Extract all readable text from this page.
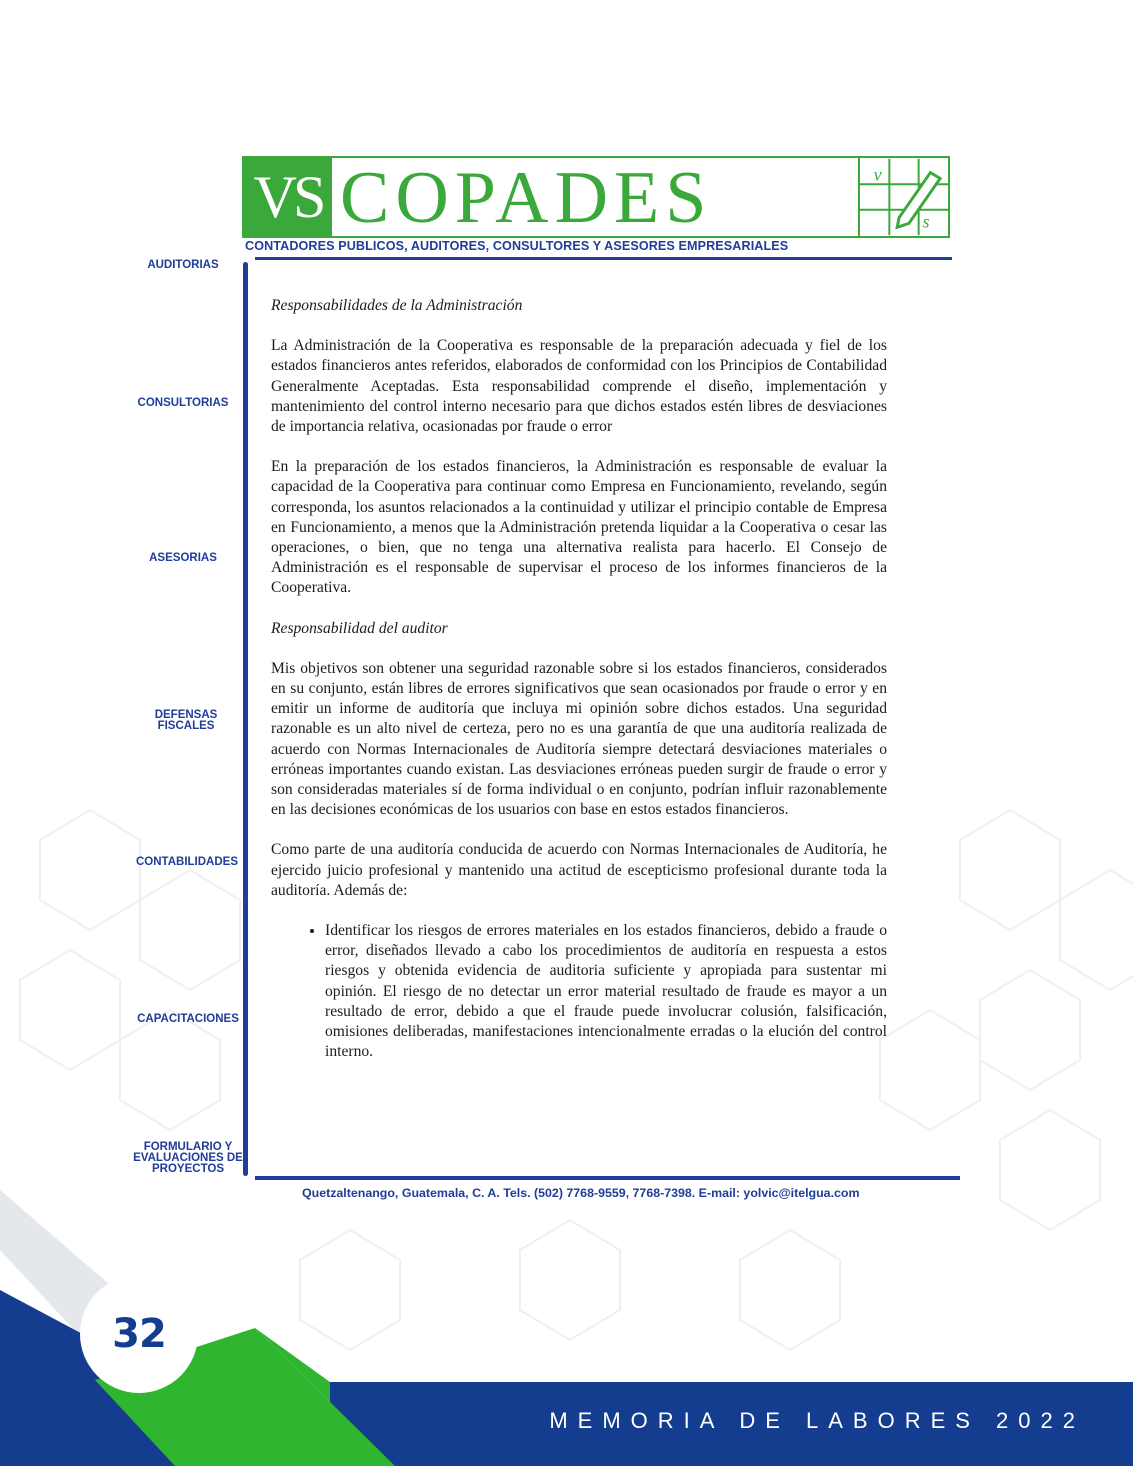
VS COPADES	v
s
CONTADORES PUBLICOS, AUDITORES, CONSULTORES Y ASESORES EMPRESARIALES
AUDITORIAS
CONSULTORIAS
ASESORIAS
DEFENSAS FISCALES
CONTABILIDADES
CAPACITACIONES
FORMULARIO Y EVALUACIONES DE PROYECTOS

Responsabilidades de la Administración

La Administración de la Cooperativa es responsable de la preparación adecuada y fiel de los estados financieros antes referidos, elaborados de conformidad con los Principios de Contabilidad Generalmente Aceptadas. Esta responsabilidad comprende el diseño, implementación y mantenimiento del control interno necesario para que dichos estados estén libres de desviaciones de importancia relativa, ocasionadas por fraude o error

En la preparación de los estados financieros, la Administración es responsable de evaluar la capacidad de la Cooperativa para continuar como Empresa en Funcionamiento, revelando, según corresponda, los asuntos relacionados a la continuidad y utilizar el principio contable de Empresa en Funcionamiento, a menos que la Administración pretenda liquidar a la Cooperativa o cesar las operaciones, o bien, que no tenga una alternativa realista para hacerlo. El Consejo de Administración es el responsable de supervisar el proceso de los informes financieros de la Cooperativa.

Responsabilidad del auditor

Mis objetivos son obtener una seguridad razonable sobre si los estados financieros, considerados en su conjunto, están libres de errores significativos que sean ocasionados por fraude o error y en emitir un informe de auditoría que incluya mi opinión sobre dichos estados. Una seguridad razonable es un alto nivel de certeza, pero no es una garantía de que una auditoría realizada de acuerdo con Normas Internacionales de Auditoría siempre detectará desviaciones materiales o erróneas importantes cuando existan. Las desviaciones erróneas pueden surgir de fraude o error y son consideradas materiales sí de forma individual o en conjunto, podrían influir razonablemente en las decisiones económicas de los usuarios con base en estos estados financieros.

Como parte de una auditoría conducida de acuerdo con Normas Internacionales de Auditoría, he ejercido juicio profesional y mantenido una actitud de escepticismo profesional durante toda la auditoría. Además de:

• Identificar los riesgos de errores materiales en los estados financieros, debido a fraude o error, diseñados llevado a cabo los procedimientos de auditoría en respuesta a estos riesgos y obtenida evidencia de auditoria suficiente y apropiada para sustentar mi opinión. El riesgo de no detectar un error material resultado de fraude es mayor a un resultado de error, debido a que el fraude puede involucrar colusión, falsificación, omisiones deliberadas, manifestaciones intencionalmente erradas o la elución del control interno.
Quetzaltenango, Guatemala, C. A. Tels. (502) 7768-9559, 7768-7398. E-mail: yolvic@itelgua.com
32
MEMORIA DE LABORES 2022
